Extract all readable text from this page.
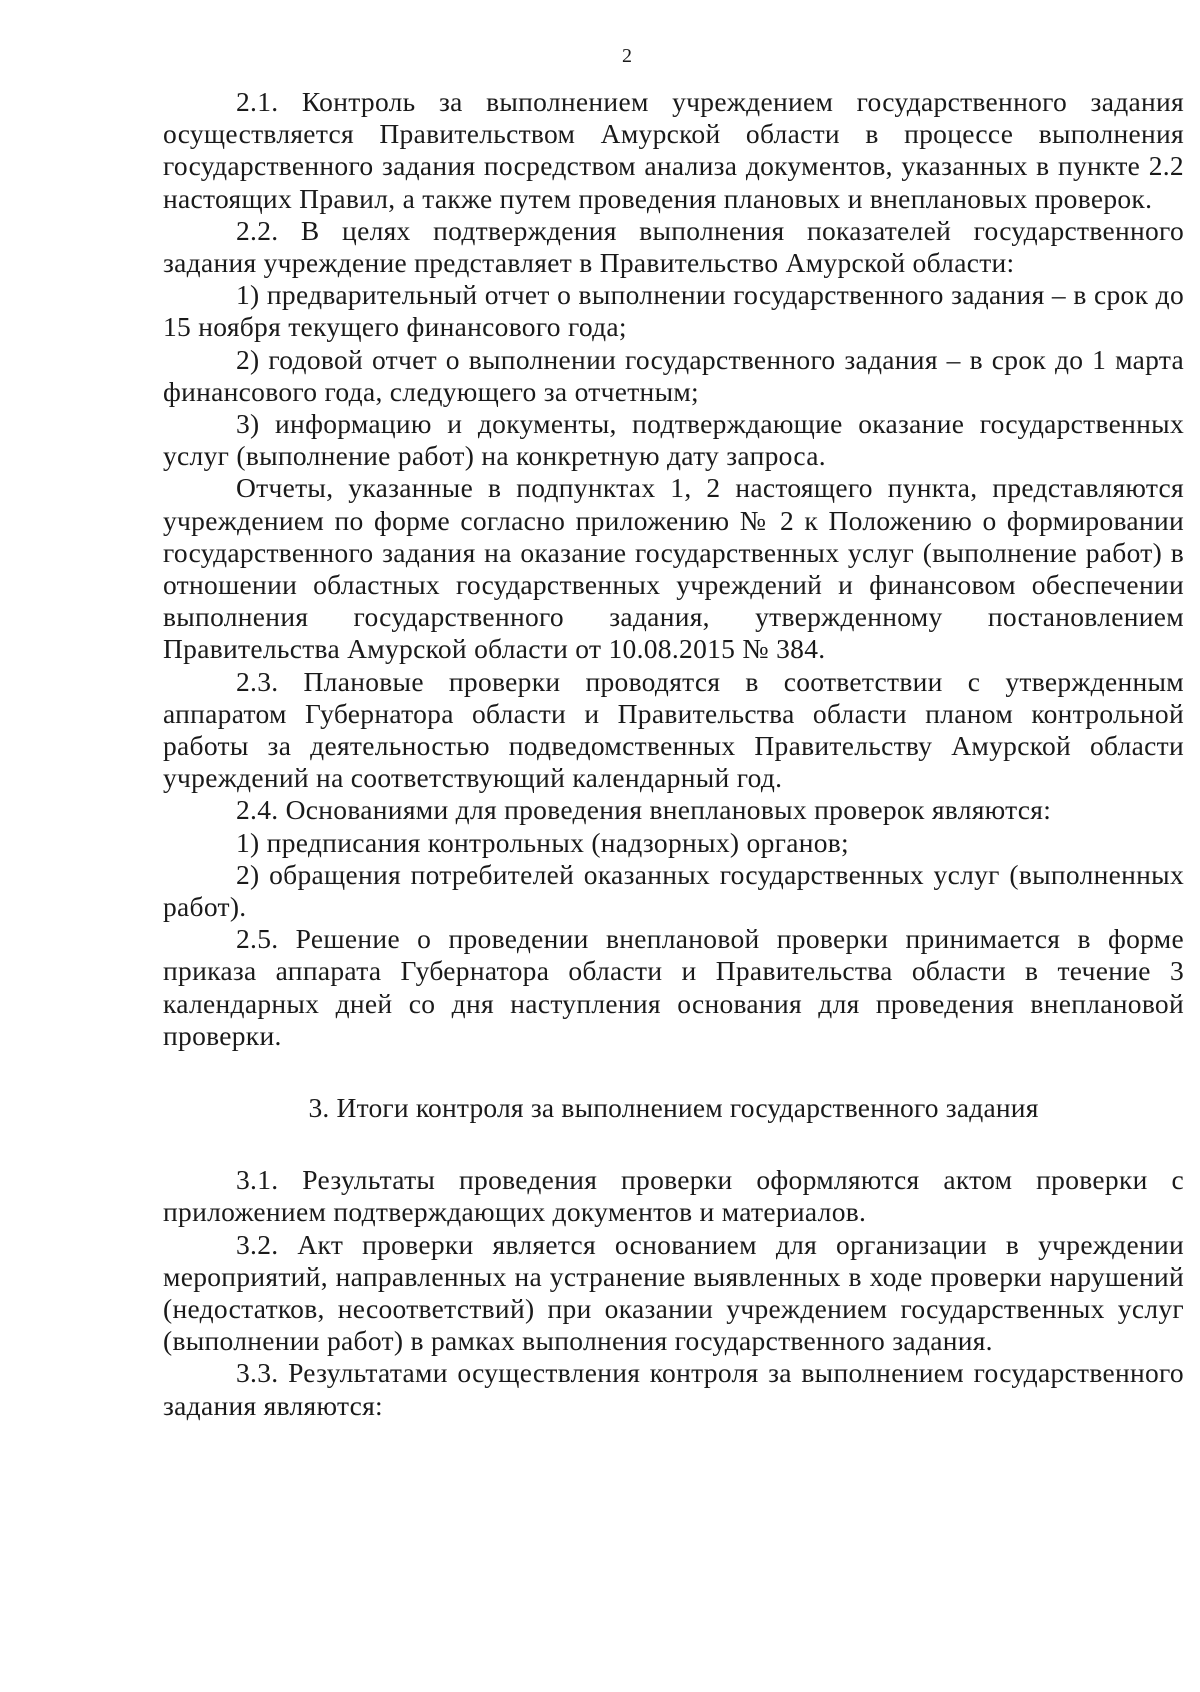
2

2.1. Контроль за выполнением учреждением государственного задания осуществляется Правительством Амурской области в процессе выполнения государственного задания посредством анализа документов, указанных в пункте 2.2 настоящих Правил, а также путем проведения плановых и внеплановых проверок.

2.2. В целях подтверждения выполнения показателей государственного задания учреждение представляет в Правительство Амурской области:

1) предварительный отчет о выполнении государственного задания – в срок до 15 ноября текущего финансового года;

2) годовой отчет о выполнении государственного задания – в срок до 1 марта финансового года, следующего за отчетным;

3) информацию и документы, подтверждающие оказание государственных услуг (выполнение работ) на конкретную дату запроса.

Отчеты, указанные в подпунктах 1, 2 настоящего пункта, представляются учреждением по форме согласно приложению № 2 к Положению о формировании государственного задания на оказание государственных услуг (выполнение работ) в отношении областных государственных учреждений и финансовом обеспечении выполнения государственного задания, утвержденному постановлением Правительства Амурской области от 10.08.2015 № 384.

2.3. Плановые проверки проводятся в соответствии с утвержденным аппаратом Губернатора области и Правительства области планом контрольной работы за деятельностью подведомственных Правительству Амурской области учреждений на соответствующий календарный год.

2.4. Основаниями для проведения внеплановых проверок являются:

1) предписания контрольных (надзорных) органов;

2) обращения потребителей оказанных государственных услуг (выполненных работ).

2.5. Решение о проведении внеплановой проверки принимается в форме приказа аппарата Губернатора области и Правительства области в течение 3 календарных дней со дня наступления основания для проведения внеплановой проверки.

3. Итоги контроля за выполнением государственного задания

3.1. Результаты проведения проверки оформляются актом проверки с приложением подтверждающих документов и материалов.

3.2. Акт проверки является основанием для организации в учреждении мероприятий, направленных на устранение выявленных в ходе проверки нарушений (недостатков, несоответствий) при оказании учреждением государственных услуг (выполнении работ) в рамках выполнения государственного задания.

3.3. Результатами осуществления контроля за выполнением государственного задания являются:
